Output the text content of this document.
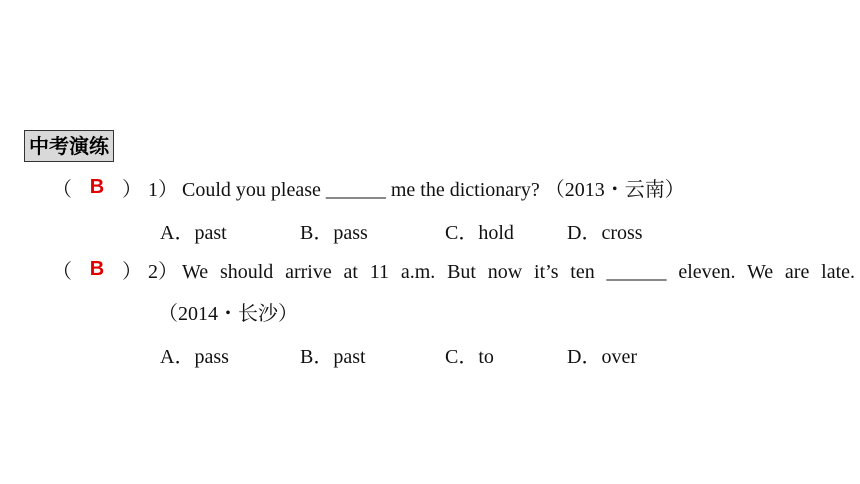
中考演练
（ B ） 1） Could you please ______ me the dictionary? （2013・云南）
A．past	B．pass	C．hold	D．cross
（ B ） 2） We should arrive at 11 a.m. But now it’s ten ______ eleven. We are late.
（2014・长沙）
A．pass	B．past	C．to	D．over
